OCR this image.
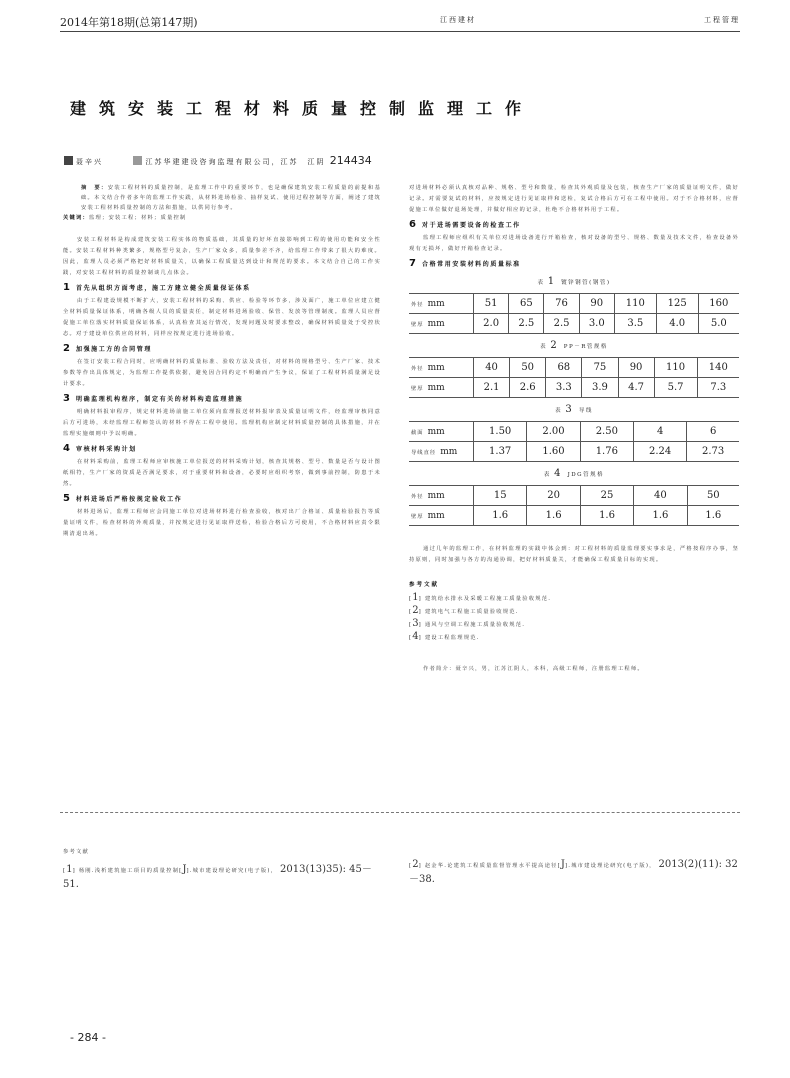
2014年第18期(总第147期)	江西建材	工程管理
建筑安装工程材料质量控制监理工作
聂辛兴	江苏华建建设咨询监理有限公司，江苏　江阴 214434

摘　要：安装工程材料的质量控制，是监理工作中的重要环节，也是确保建筑安装工程质量的前提和基础。本文结合作者多年的监理工作实践，从材料进场检验、抽样复试、使用过程控制等方面，阐述了建筑安装工程材料质量控制的方法和措施，以供同行参考。

关键词：监理；安装工程；材料；质量控制

安装工程材料是构成建筑安装工程实体的物质基础，其质量的好坏直接影响到工程的使用功能和安全性能。安装工程材料种类繁多，规格型号复杂，生产厂家众多，质量参差不齐，给监理工作带来了很大的难度。因此，监理人员必须严格把好材料质量关，以确保工程质量达到设计和规范的要求。本文结合自己的工作实践，对安装工程材料的质量控制谈几点体会。

1 首先从组织方面考虑，施工方建立健全质量保证体系

由于工程建设规模不断扩大，安装工程材料的采购、供应、检验等环节多，涉及面广，施工单位应建立健全材料质量保证体系，明确各级人员的质量责任，制定材料进场验收、保管、发放等管理制度。监理人员应督促施工单位落实材料质量保证体系，认真检查其运行情况，发现问题及时要求整改，确保材料质量处于受控状态。对于建设单位供应的材料，同样应按规定进行进场验收。

2 加强施工方的合同管理

在签订安装工程合同时，应明确材料的质量标准、验收方法及责任，对材料的规格型号、生产厂家、技术参数等作出具体规定，为监理工作提供依据，避免因合同约定不明确而产生争议，保证了工程材料质量满足设计要求。

3 明确监理机构程序，制定有关的材料构造监理措施

明确材料报审程序，规定材料进场前施工单位须向监理报送材料报审表及质量证明文件，经监理审核同意后方可进场，未经监理工程师签认的材料不得在工程中使用。监理机构应制定材料质量控制的具体措施，并在监理实施细则中予以明确。

4 审核材料采购计划

在材料采购前，监理工程师应审核施工单位报送的材料采购计划，核查其规格、型号、数量是否与设计图纸相符，生产厂家的资质是否满足要求，对于重要材料和设备，必要时应组织考察，做到事前控制，防患于未然。

5 材料进场后严格按规定验收工作

材料进场后，监理工程师应会同施工单位对进场材料进行检查验收，核对出厂合格证、质量检验报告等质量证明文件，检查材料的外观质量，并按规定进行见证取样送检，检验合格后方可使用，不合格材料应责令限期清退出场。

对进场材料必须认真核对品种、规格、型号和数量，检查其外观质量及包装，核查生产厂家的质量证明文件，做好记录。对需要复试的材料，应按规定进行见证取样和送检，复试合格后方可在工程中使用。对于不合格材料，应督促施工单位做好退场处理，并做好相应的记录，杜绝不合格材料用于工程。

6 对于进场需要设备的检查工作

监理工程师应组织有关单位对进场设备进行开箱检查，核对设备的型号、规格、数量及技术文件，检查设备外观有无损坏，做好开箱检查记录。

7 合格常用安装材料的质量标准
表 1　 镀锌钢管(钢管)
外径 mm	51	65	76	90	110	125	160
壁厚 mm	2.0	2.5	2.5	3.0	3.5	4.0	5.0
表 2　 PP－R管规格
外径 mm	40	50	68	75	90	110	140
壁厚 mm	2.1	2.6	3.3	3.9	4.7	5.7	7.3
表 3　 导线
截面 mm	1.50	2.00	2.50	4	6
导线直径 mm	1.37	1.60	1.76	2.24	2.73
表 4　 JDG管规格
外径 mm	15	20	25	40	50
壁厚 mm	1.6	1.6	1.6	1.6	1.6

通过几年的监理工作，在材料监理的实践中体会到：对工程材料的质量监理要实事求是，严格按程序办事，坚持原则，同时加强与各方的沟通协调，把好材料质量关，才能确保工程质量目标的实现。

参考文献
[1] 建筑给水排水及采暖工程施工质量验收规范.
[2] 建筑电气工程施工质量验收规范.
[3] 通风与空调工程施工质量验收规范.
[4] 建设工程监理规范.

作者简介：聂辛兴，男，江苏江阴人，本科，高级工程师，注册监理工程师。

参考文献
[1] 杨刚.浅析建筑施工项目的质量控制[J].城市建设理论研究(电子版)， 2013(13)35): 45－51.
[2] 赵金华.论建筑工程质量监督管理水平提高途径[J].城市建设理论研究(电子版)， 2013(2)(11): 32－38.
- 284 -
